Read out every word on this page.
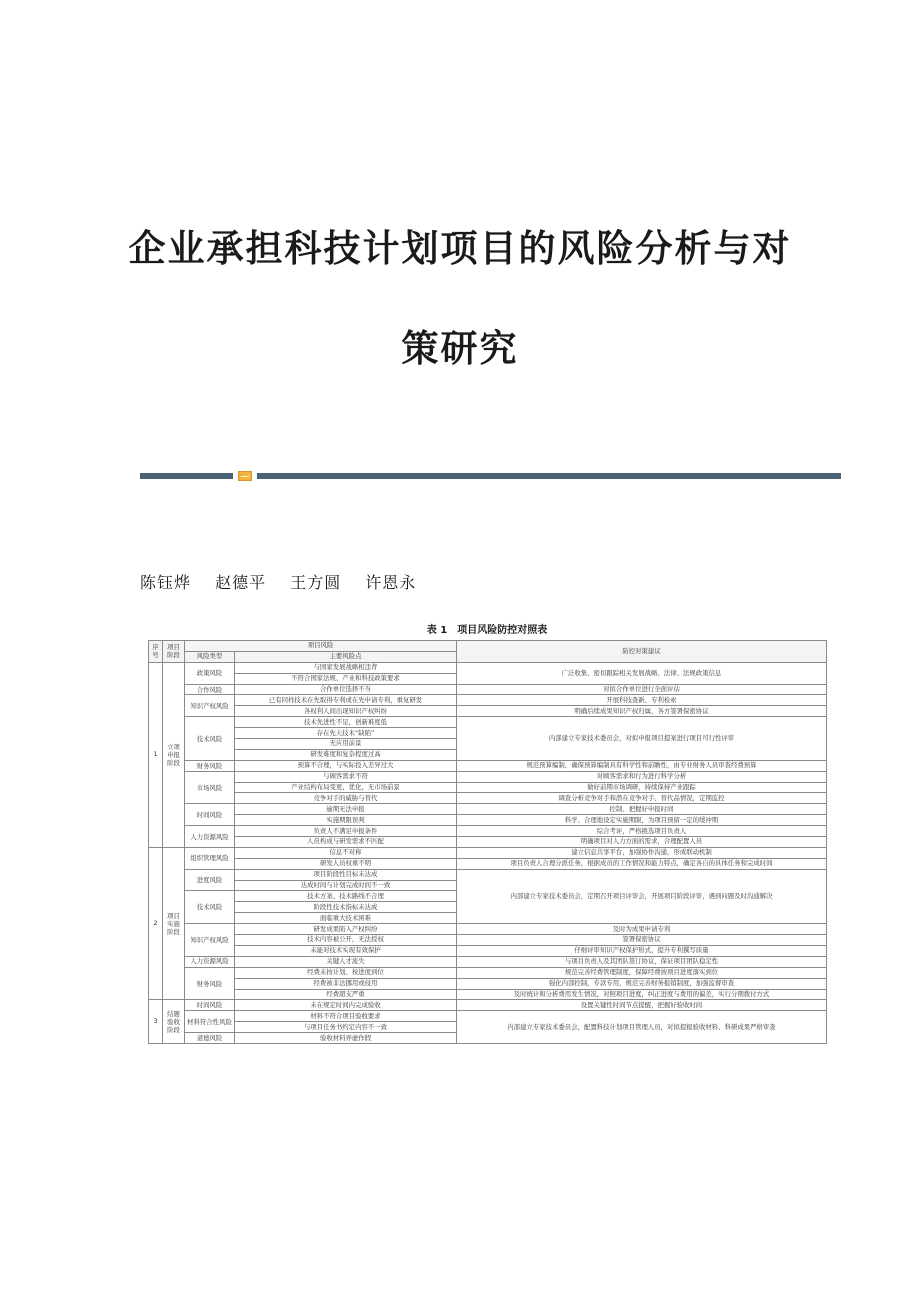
企业承担科技计划项目的风险分析与对
策研究
陈钰烨 赵德平 王方圆 许恩永
表 1　项目风险防控对照表
序号	项目阶段	项目风险		防控对策建议
		风险类型	主要风险点	
1	立项申报阶段	政策风险	与国家发展战略相违背	广泛收集、密切跟踪相关发展战略、法律、法规政策信息
			不符合国家法规、产业和科技政策要求	
		合作风险	合作单位选择不当	对拟合作单位进行全面评估
		知识产权风险	已有同样技术在先取得专利或在先申请专利，重复研发	开展科技查新、专利检索
			各权利人间出现知识产权纠纷	明确后续成果知识产权归属，各方签署保密协议
		技术风险	技术先进性不足，创新难度低	内部建立专家技术委员会，对拟申报项目提案进行项目可行性评审
			存在先天技术“缺陷”	
			无应用前景	
			研发难度和复杂程度过高	
		财务风险	预算不合理，与实际投入差异过大	规范预算编制，确保预算编制具有科学性和前瞻性，由专业财务人员审查经费预算
		市场风险	与顾客需求不符	对顾客需求和行为进行科学分析
			产业结构布局变更、优化，无市场前景	做好前期市场调研，持续保持产业跟踪
			竞争对手的威胁与替代	调查分析竞争对手和潜在竞争对手、替代品情况，定期监控
		时间风险	逾期无法申报	控制、把握好申报时间
			实施期限误判	科学、合理地设定实施期限，为项目预留一定的缓冲期
		人力资源风险	负责人不满足申报条件	综合考评，严格挑选项目负责人
			人员构成与研发需求不匹配	明确项目对人力方面的需求，合理配置人员
2	项目实施阶段	组织管理风险	信息不对称	建立信息共享平台，加强协作沟通，形成联动机制
			研发人员权重不明	项目负责人合理分派任务，根据成员的工作情况和能力特点，确定各自的具体任务和完成时间
		进度风险	项目阶段性目标未达成	内部建立专家技术委员会，定期召开项目评审会，开展项目阶段评审，遇到问题及时沟通解决
			达成时间与计划完成时间不一致	
		技术风险	技术方案、技术路线不合理	
			阶段性技术指标未达成	
			面临重大技术困难	
		知识产权风险	研发成果陷入产权纠纷	及时为成果申请专利
			技术内容被公开，无法授权	签署保密协议
			未能对技术实现有效保护	仔细评审知识产权保护形式，提升专利撰写质量
		人力资源风险	关键人才流失	与项目负责人及其团队签订协议，保证项目团队稳定性
		财务风险	经费未按计划、按进度到位	规范完善经费管理制度，保障经费按项目进度落实到位
			经费被非法挪用或侵用	强化内部控制，专款专用，规范完善财务报销制度，加强监督审查
			经费超支严重	及时统计和分析费用发生情况，对照项目进度，纠正进度与费用的偏差，实行分期拨付方式
3	结题验收阶段	时间风险	未在规定时间内完成验收	设置关键性时间节点提醒，把握好验收时间
		材料符合性风险	材料不符合项目验收要求	内部建立专家技术委员会，配置科技计划项目管理人员，对拟提报验收材料、科研成果严格审查
			与项目任务书约定内容不一致	
		道德风险	验收材料弄虚作假	
